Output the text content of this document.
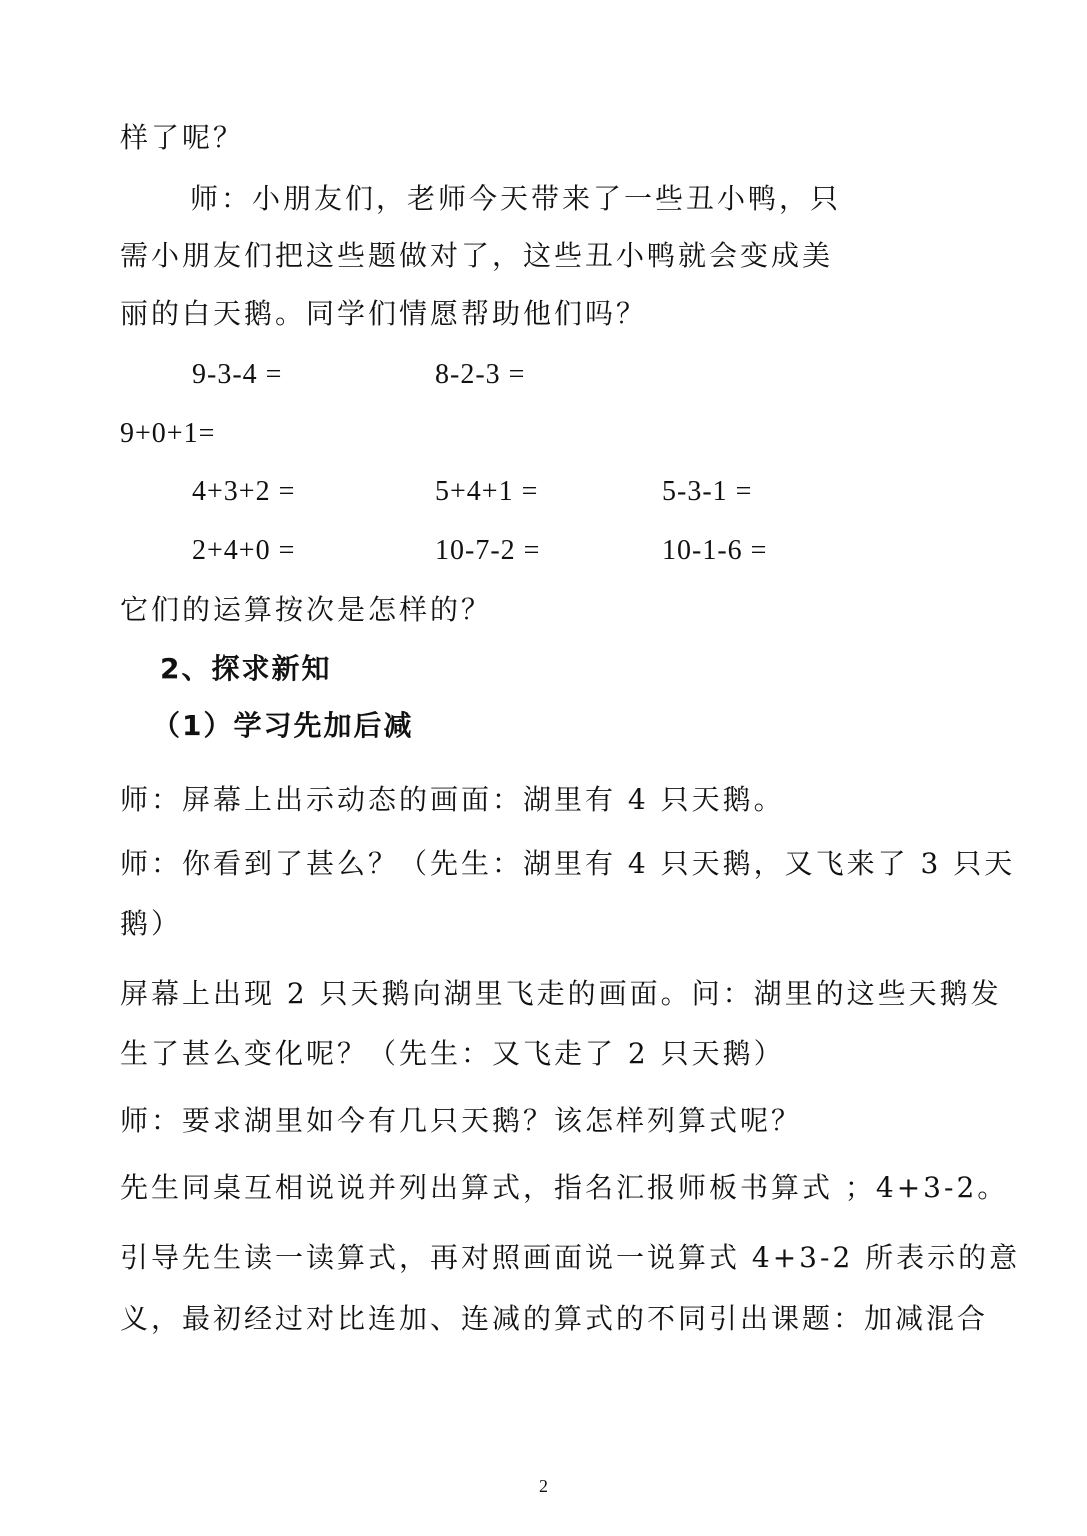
样了呢？
师：小朋友们，老师今天带来了一些丑小鸭，只
需小朋友们把这些题做对了，这些丑小鸭就会变成美
丽的白天鹅。同学们情愿帮助他们吗？
9-3-4 =	8-2-3 =
9+0+1=
4+3+2 =	5+4+1 =	5-3-1 =
2+4+0 =	10-7-2 =	10-1-6 =
它们的运算按次是怎样的？
2、探求新知
（1）学习先加后减
师：屏幕上出示动态的画面：湖里有 4 只天鹅。
师：你看到了甚么？（先生：湖里有 4 只天鹅，又飞来了 3 只天
鹅）
屏幕上出现 2 只天鹅向湖里飞走的画面。问：湖里的这些天鹅发
生了甚么变化呢？（先生：又飞走了 2 只天鹅）
师：要求湖里如今有几只天鹅？该怎样列算式呢？
先生同桌互相说说并列出算式，指名汇报师板书算式 ；4+3-2。
引导先生读一读算式，再对照画面说一说算式 4+3-2 所表示的意
义，最初经过对比连加、连减的算式的不同引出课题：加减混合
2
